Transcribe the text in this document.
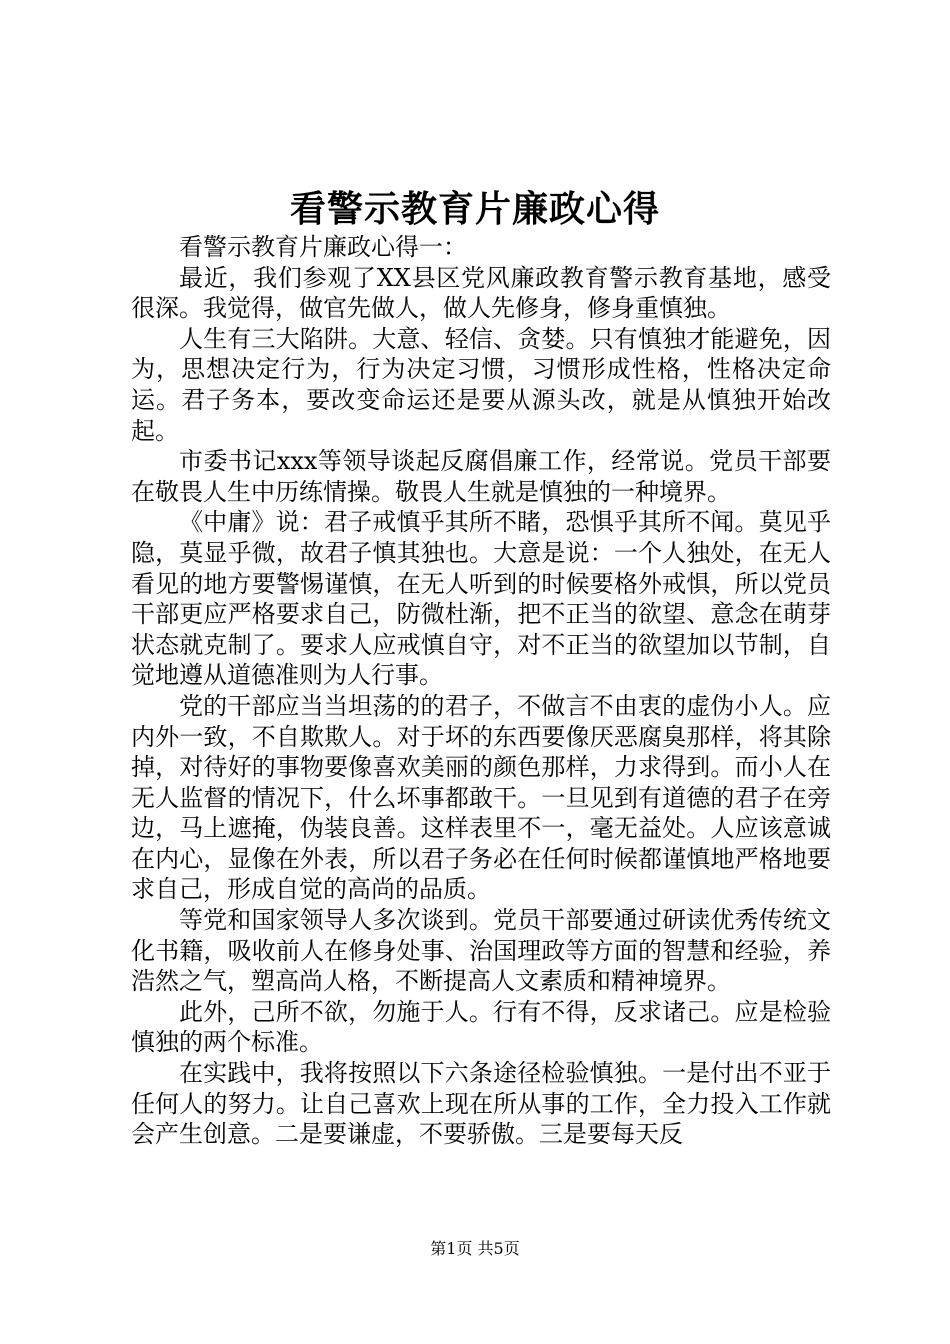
看警示教育片廉政心得

看警示教育片廉政心得一：

最近，我们参观了XX县区党风廉政教育警示教育基地，感受很深。我觉得，做官先做人，做人先修身，修身重慎独。

人生有三大陷阱。大意、轻信、贪婪。只有慎独才能避免，因为，思想决定行为，行为决定习惯，习惯形成性格，性格决定命运。君子务本，要改变命运还是要从源头改，就是从慎独开始改起。

市委书记xxx等领导谈起反腐倡廉工作，经常说。党员干部要在敬畏人生中历练情操。敬畏人生就是慎独的一种境界。

《中庸》说：君子戒慎乎其所不睹，恐惧乎其所不闻。莫见乎隐，莫显乎微，故君子慎其独也。大意是说：一个人独处，在无人看见的地方要警惕谨慎，在无人听到的时候要格外戒惧，所以党员干部更应严格要求自己，防微杜渐，把不正当的欲望、意念在萌芽状态就克制了。要求人应戒慎自守，对不正当的欲望加以节制，自觉地遵从道德准则为人行事。

党的干部应当当坦荡的的君子，不做言不由衷的虚伪小人。应内外一致，不自欺欺人。对于坏的东西要像厌恶腐臭那样，将其除掉，对待好的事物要像喜欢美丽的颜色那样，力求得到。而小人在无人监督的情况下，什么坏事都敢干。一旦见到有道德的君子在旁边，马上遮掩，伪装良善。这样表里不一，毫无益处。人应该意诚在内心，显像在外表，所以君子务必在任何时候都谨慎地严格地要求自己，形成自觉的高尚的品质。

等党和国家领导人多次谈到。党员干部要通过研读优秀传统文化书籍，吸收前人在修身处事、治国理政等方面的智慧和经验，养浩然之气，塑高尚人格，不断提高人文素质和精神境界。

此外，己所不欲，勿施于人。行有不得，反求诸己。应是检验慎独的两个标准。

在实践中，我将按照以下六条途径检验慎独。一是付出不亚于任何人的努力。让自己喜欢上现在所从事的工作，全力投入工作就会产生创意。二是要谦虚，不要骄傲。三是要每天反

第1页 共5页
